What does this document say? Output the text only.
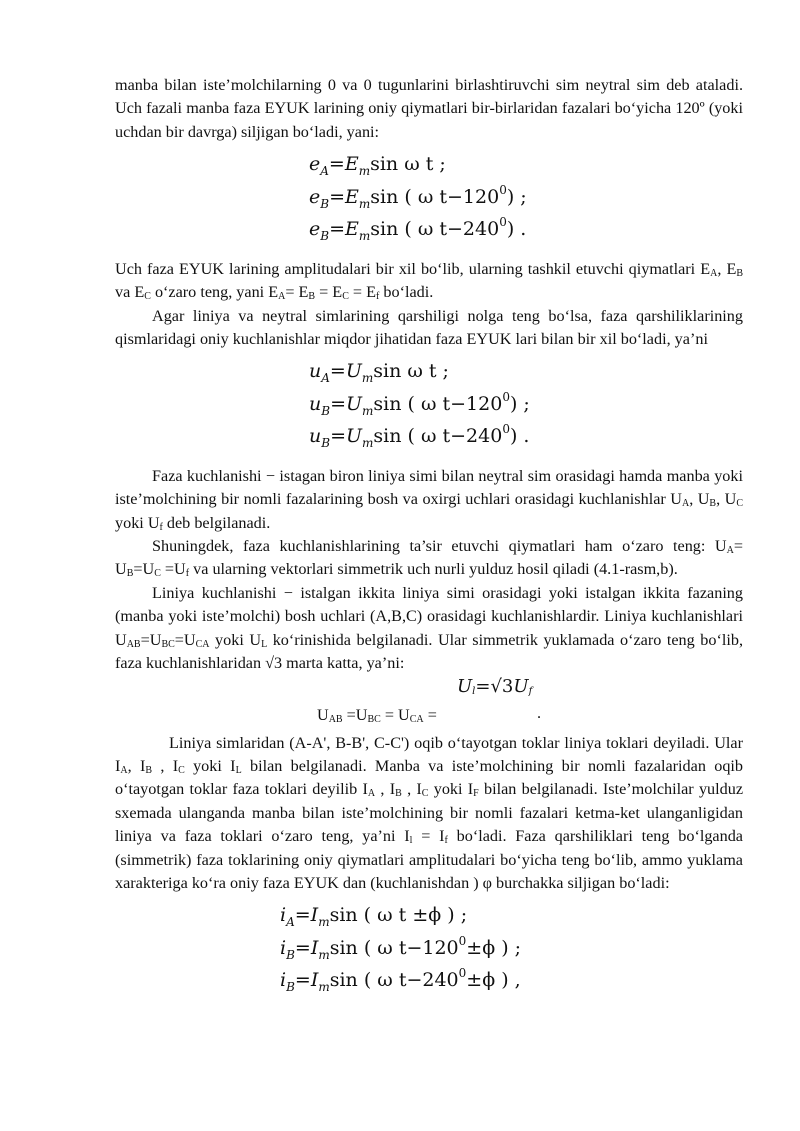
manba bilan iste’molchilarning 0 va 0 tugunlarini birlashtiruvchi sim neytral sim deb ataladi. Uch fazali manba faza EYUK larining oniy qiymatlari bir-birlaridan fazalari bo‘yicha 120º (yoki uchdan bir davrga) siljigan bo‘ladi, yani:

$e_A=E_m\sin$ ω t ;
$e_B=E_m\sin$ ( ω $t-120^0$) ;
$e_B=E_m\sin$ ( ω $t-240^0$) .

Uch faza EYUK larining amplitudalari bir xil bo‘lib, ularning tashkil etuvchi qiymatlari $E_A$, $E_B$ va $E_C$ o‘zaro teng, yani $E_A= E_B = E_C = E_f$ bo‘ladi.

Agar liniya va neytral simlarining qarshiligi nolga teng bo‘lsa, faza qarshiliklarining qismlaridagi oniy kuchlanishlar miqdor jihatidan faza EYUK lari bilan bir xil bo‘ladi, ya’ni

$u_A=U_m\sin$ ω t ;
$u_B=U_m\sin$ ( ω $t-120^0$) ;
$u_B=U_m\sin$ ( ω $t-240^0$) .

Faza kuchlanishi − istagan biron liniya simi bilan neytral sim orasidagi hamda manba yoki iste’molchining bir nomli fazalarining bosh va oxirgi uchlari orasidagi kuchlanishlar $U_A$, $U_B$, $U_C$ yoki $U_f$ deb belgilanadi.

Shuningdek, faza kuchlanishlarining ta’sir etuvchi qiymatlari ham o‘zaro teng: $U_A= U_B=U_C =U_f$ va ularning vektorlari simmetrik uch nurli yulduz hosil qiladi (4.1-rasm,b).

Liniya kuchlanishi − istalgan ikkita liniya simi orasidagi yoki istalgan ikkita fazaning (manba yoki iste’molchi) bosh uchlari (A,B,C) orasidagi kuchlanishlardir. Liniya kuchlanishlari $U_{AB}=U_{BC}=U_{CA}$ yoki $U_L$ ko‘rinishida belgilanadi. Ular simmetrik yuklamada o‘zaro teng bo‘lib, faza kuchlanishlaridan √3 marta katta, ya’ni:

$U_{AB} =U_{BC} = U_{CA}$ =
$U_l=√3U_f$
.

Liniya simlaridan (A-A', B-B', C-C') oqib o‘tayotgan toklar liniya toklari deyiladi. Ular $I_A$, $I_B$ , $I_C$ yoki $I_L$ bilan belgilanadi. Manba va iste’molchining bir nomli fazalaridan oqib o‘tayotgan toklar faza toklari deyilib $I_A$ , $I_B$ , $I_C$ yoki $I_F$ bilan belgilanadi. Iste’molchilar yulduz sxemada ulanganda manba bilan iste’molchining bir nomli fazalari ketma-ket ulanganligidan liniya va faza toklari o‘zaro teng, ya’ni $I_l = I_f$ bo‘ladi. Faza qarshiliklari teng bo‘lganda (simmetrik) faza toklarining oniy qiymatlari amplitudalari bo‘yicha teng bo‘lib, ammo yuklama xarakteriga ko‘ra oniy faza EYUK dan (kuchlanishdan ) φ burchakka siljigan bo‘ladi:

$i_A=I_m\sin$ ( ω t ±ϕ ) ;
$i_B=I_m\sin$ ( ω $t-120^0\pm\phi$ ) ;
$i_B=I_m\sin$ ( ω $t-240^0\pm\phi$ ) ,
